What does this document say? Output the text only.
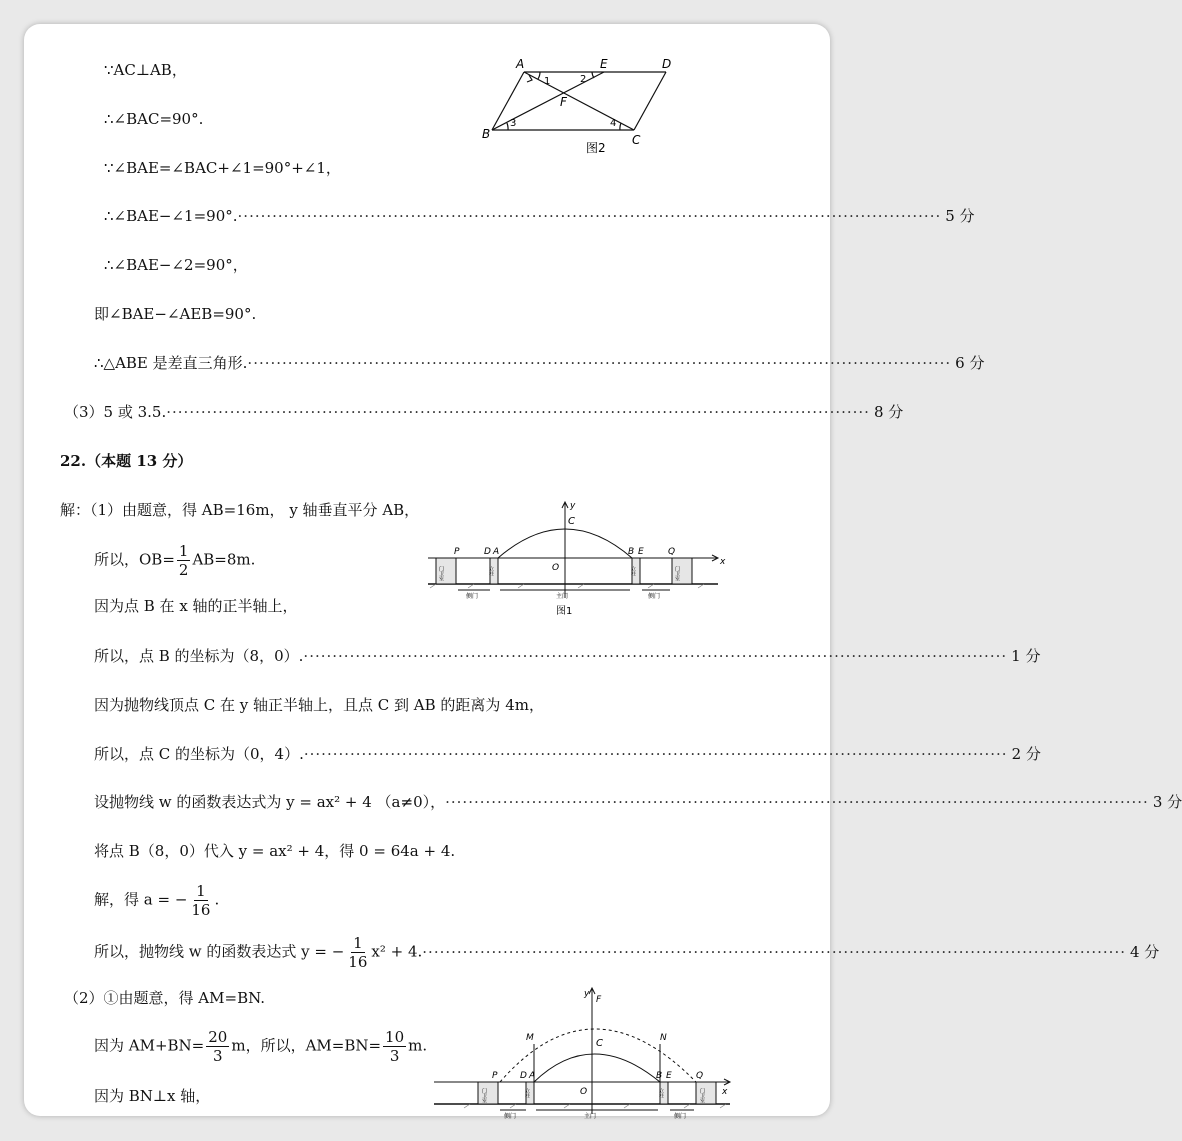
∵AC⊥AB，
∴∠BAC=90°.
∵∠BAE=∠BAC+∠1=90°+∠1，
∴∠BAE−∠1=90°. ·····	5 分
∴∠BAE−∠2=90°，
即∠BAE−∠AEB=90°.
∴△ABE 是差直三角形. ·····	6 分
（3）5 或 3.5. ·····	8 分
A	E	D
B	C
F
1	2
3	4
图2
22.（本题 13 分）
解：（1）由题意，得 AB=16m， y 轴垂直平分 AB，
所以，$OB= \frac{1}{2} AB=8m$.
因为点 B 在 x 轴的正半轴上，
所以，点 B 的坐标为（8，0）. ·····	1 分
因为抛物线顶点 C 在 y 轴正半轴上，且点 C 到 AB 的距离为 4m，
所以，点 C 的坐标为（0，4）. ·····	2 分
设抛物线 w 的函数表达式为 y = ax² + 4 （a≠0）， ·····	3 分
将点 B（8，0）代入 y = ax² + 4，得 0 = 64a + 4.
解，得 a = − $\frac{1}{16}$ .
所以，抛物线 w 的函数表达式 y = − $\frac{1}{16} x^2 + 4$. ·····	4 分
（2）①由题意，得 AM=BN.
因为 $AM+BN= \frac{20}{3}$ m，所以，$AM=BN= \frac{10}{3} m$.
因为 BN⊥x 轴，
门卫室	门卫室
立柱	立柱
侧门	主门	侧门
y
x
C
O
P	D A	B E	Q
图1
门卫室	门卫室
立柱	立柱
侧门	主门	侧门
y
x
F
C
M	N
O
P	D A	B E	Q
